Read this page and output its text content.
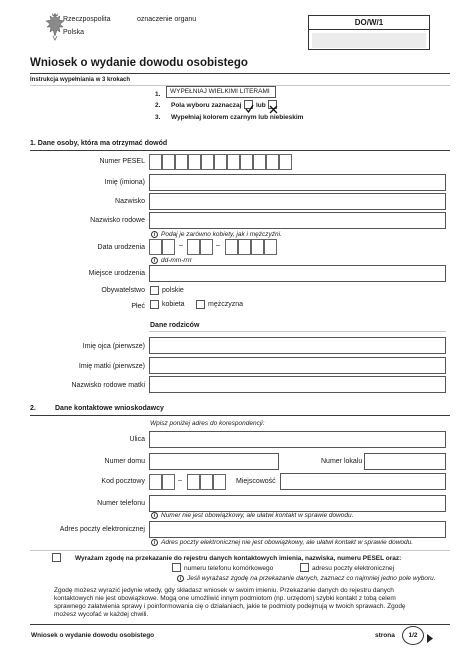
Rzeczpospolita
Polska
oznaczenie organu	DO/W/1
Wniosek o wydanie dowodu osobistego
Instrukcja wypełniania w 3 krokach
1. WYPEŁNIAJ WIELKIMI LITERAMI
2. Pola wyboru zaznaczaj lub
3. Wypełniaj kolorem czarnym lub niebieskim
1. Dane osoby, która ma otrzymać dowód
Numer PESEL
Imię (imiona)
Nazwisko
Nazwisko rodowe
i Podaj je zarówno kobiety, jak i mężczyźni.
Data urodzenia	–	–
i dd-mm-rrrr
Miejsce urodzenia
Obywatelstwo polskie
Płeć kobieta	mężczyzna
Dane rodziców
Imię ojca (pierwsze)
Imię matki (pierwsze)
Nazwisko rodowe matki
2.	Dane kontaktowe wnioskodawcy
Wpisz poniżej adres do korespondencji:
Ulica
Numer domu	Numer lokalu
Kod pocztowy	–	Miejscowość
Numer telefonu
i Numer nie jest obowiązkowy, ale ułatwi kontakt w sprawie dowodu.
Adres poczty elektronicznej
i Adres poczty elektronicznej nie jest obowiązkowy, ale ułatwi kontakt w sprawie dowodu.
Wyrażam zgodę na przekazanie do rejestru danych kontaktowych imienia, nazwiska, numeru PESEL oraz:
numeru telefonu komórkowego	adresu poczty elektronicznej
i Jeśli wyrażasz zgodę na przekazanie danych, zaznacz co najmniej jedno pole wyboru.
Zgodę możesz wyrazić jedynie wtedy, gdy składasz wniosek w swoim imieniu. Przekazanie danych do rejestru danych
kontaktowych nie jest obowiązkowe. Mogą one umożliwić innym podmiotom (np. urzędom) szybki kontakt z tobą celem
sprawnego załatwienia sprawy i poinformowania cię o działaniach, jakie te podmioty podejmują w twoich sprawach. Zgodę
możesz wycofać w każdej chwili.
Wniosek o wydanie dowodu osobistego	strona	1/2
